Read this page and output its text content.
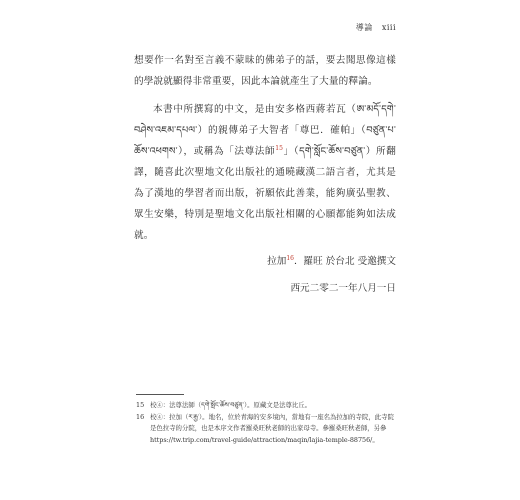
導論 xiii

想要作一名對至言義不蒙昧的佛弟子的話，要去聞思像這樣的學說就顯得非常重要，因此本論就產生了大量的釋論。

本書中所撰寫的中文，是由安多格西蔣若瓦（ཨ་མདོ་དགེ་བཤེས་འཇམ་དཔལ་）的親傳弟子大智者「尊巴．確帕」（བཙུན་པ་ཆོས་འཕགས་），或稱為「法尊法師$^{15}$」（དགེ་སློང་ཆོས་བཙུན་）所翻譯，隨喜此次聖地文化出版社的通曉藏漢二語言者，尤其是為了漢地的學習者而出版，祈願依此善業，能夠廣弘聖教、眾生安樂，特別是聖地文化出版社相關的心願都能夠如法成就。

拉加$^{16}$．羅旺 於台北 受邀撰文
西元二零二一年八月一日
15 校④：法尊法師（དགེ་སློང་ཆོས་བཙུན་）。原藏文是法尊比丘。
16 校④：拉加（ར་རྒྱ་）。地名，位於青海的安多境內，當地有一座名為拉加的寺院，此寺院是色拉寺的分院，也是本序文作者羅桑旺秋老師的出家母寺。參羅桑旺秋老師，另參https://tw.trip.com/travel-guide/attraction/maqin/lajia-temple-88756/。
